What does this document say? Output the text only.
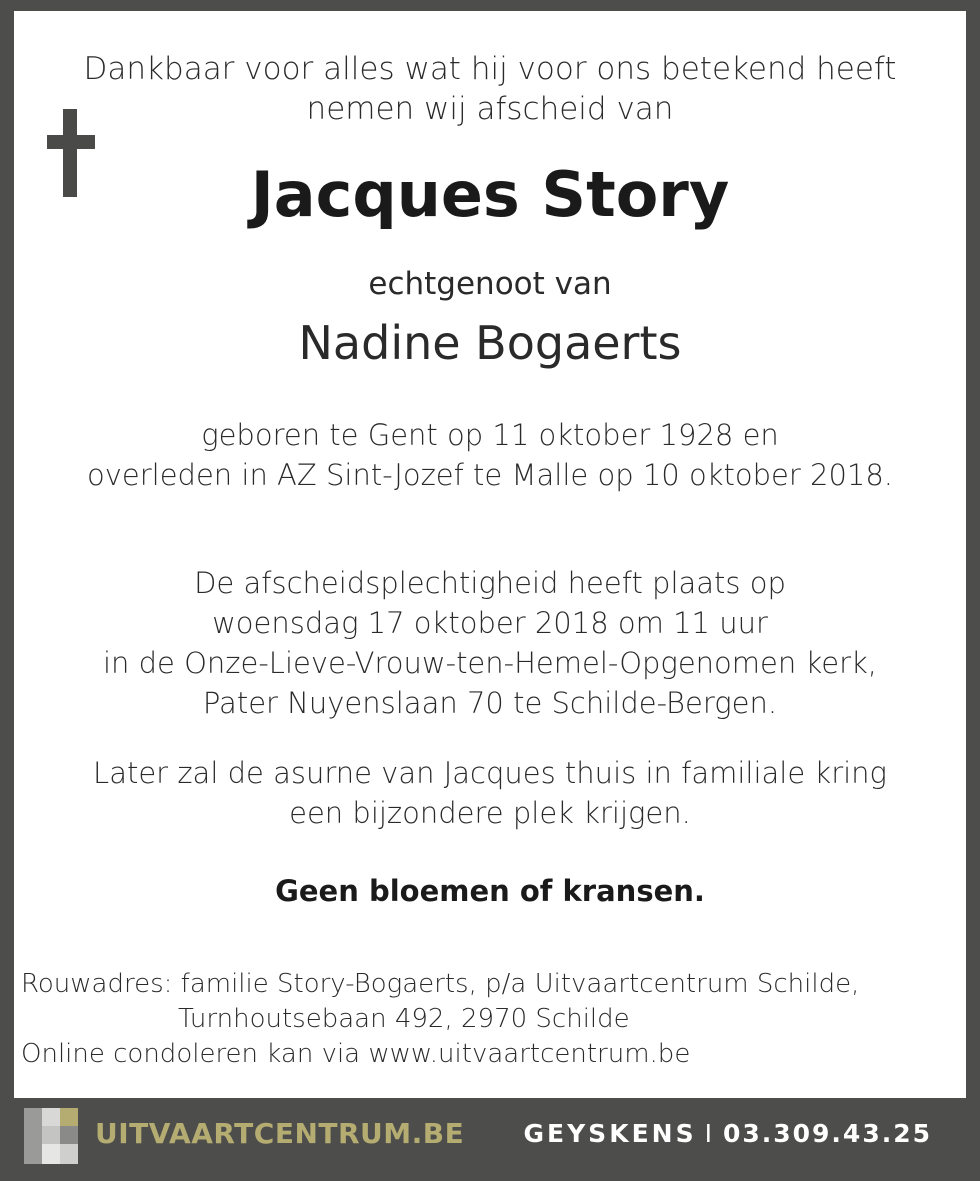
Dankbaar voor alles wat hij voor ons betekend heeft
nemen wij afscheid van
Jacques Story
echtgenoot van
Nadine Bogaerts
geboren te Gent op 11 oktober 1928 en
overleden in AZ Sint-Jozef te Malle op 10 oktober 2018.
De afscheidsplechtigheid heeft plaats op
woensdag 17 oktober 2018 om 11 uur
in de Onze-Lieve-Vrouw-ten-Hemel-Opgenomen kerk,
Pater Nuyenslaan 70 te Schilde-Bergen.
Later zal de asurne van Jacques thuis in familiale kring
een bijzondere plek krijgen.
Geen bloemen of kransen.
Rouwadres: familie Story-Bogaerts, p/a Uitvaartcentrum Schilde,
Turnhoutsebaan 492, 2970 Schilde
Online condoleren kan via www.uitvaartcentrum.be
UITVAARTCENTRUM.BE GEYSKENS I 03.309.43.25
